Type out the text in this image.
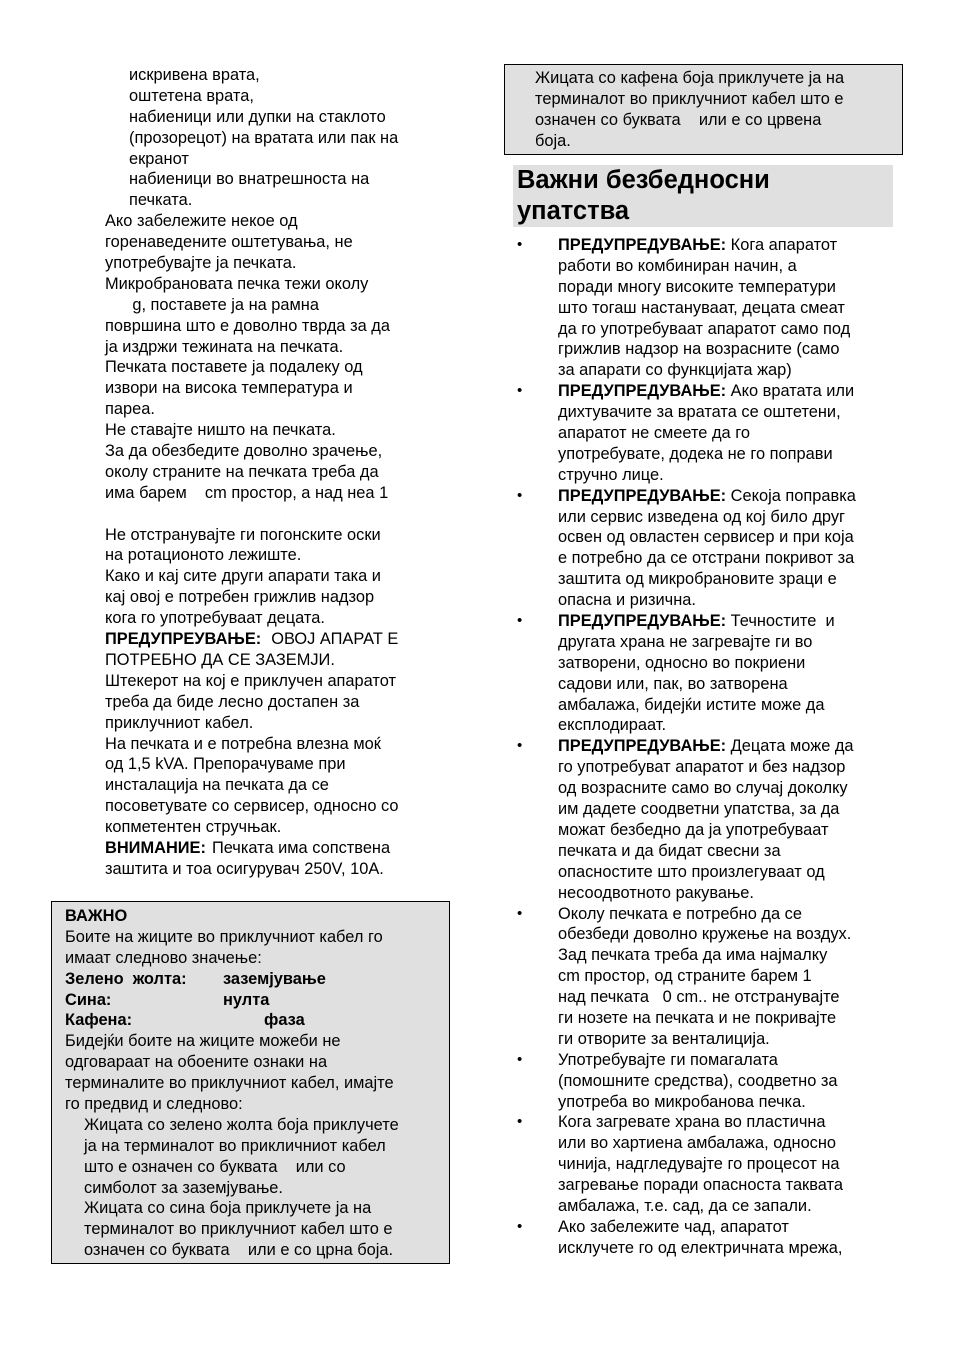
искривена врата,
оштетена врата,
набиеници или дупки на стаклото
(прозорецот) на вратата или пак на
екранот
набиеници во внатрешноста на
печката.
Ако забележите некое од
горенаведените оштетувања, не
употребувајте ја печката.
Микробрановата печка тежи околу
g, поставете ја на рамна
површина што е доволно тврда за да
ја издржи тежината на печката.
Печката поставете ја подалеку од
извори на висока температура и
пареа.
Не ставајте ништо на печката.
За да обезбедите доволно зрачење,
околу страните на печката треба да
има барем    cm простор, а над неа 1
Не отстранувајте ги погонските оски
на ротационото лежиште.
Како и кај сите други апарати така и
кај овој е потребен грижлив надзор
кога го употребуваат децата.
ПРЕДУПРЕУВАЊЕ: ОВОЈ АПАРАТ Е
ПОТРЕБНО ДА СЕ ЗАЗЕМЈИ.
Штекерот на кој е приклучен апаратот
треба да биде лесно достапен за
приклучниот кабел.
На печката и е потребна влезна моќ
од 1,5 kVA. Препорачуваме при
инсталација на печката да се
посоветувате со сервисер, односно со
копметентен стручњак.
ВНИМАНИЕ: Печката има сопствена
заштита и тоа осигурувач 250V, 10A.
ВАЖНО
Боите на жиците во приклучниот кабел го
имаат следново значење:
Зелено  жолта: заземјување
Сина:	нулта
Кафена:	фаза
Бидејќи боите на жиците можеби не
одговараат на обоените ознаки на
терминалите во приклучниот кабел, имајте
го предвид и следново:
Жицата со зелено жолта боја приклучете
ја на терминалот во прикличниот кабел
што е означен со буквата    или со
симболот за заземјување.
Жицата со сина боја приклучете ја на
терминалот во приклучниот кабел што е
означен со буквата    или е со црна боја.
Жицата со кафена боја приклучете ја на
терминалот во приклучниот кабел што е
означен со буквата    или е со црвена
боја.
Важни безбедносни
упатства
• ПРЕДУПРЕДУВАЊЕ: Кога апаратот
работи во комбиниран начин, а
поради многу високите температури
што тогаш настануваат, децата смеат
да го употребуваат апаратот само под
грижлив надзор на возрасните (само
за апарати со функцијата жар)
• ПРЕДУПРЕДУВАЊЕ: Ако вратата или
дихтувачите за вратата се оштетени,
апаратот не смеете да го
употребувате, додека не го поправи
стручно лице.
• ПРЕДУПРЕДУВАЊЕ: Секоја поправка
или сервис изведена од кој било друг
освен од овластен сервисер и при која
е потребно да се отстрани покривот за
заштита од микробрановите зраци е
опасна и ризична.
• ПРЕДУПРЕДУВАЊЕ: Течностите  и
другата храна не загревајте ги во
затворени, односно во покриени
садови или, пак, во затворена
амбалажа, бидејќи истите може да
експлодираат.
• ПРЕДУПРЕДУВАЊЕ: Децата може да
го употребуват апаратот и без надзор
од возрасните само во случај доколку
им дадете соодветни упатства, за да
можат безбедно да ја употребуваат
печката и да бидат свесни за
опасностите што произлегуваат од
несоодвотното ракување.
• Околу печката е потребно да се
обезбеди доволно кружење на воздух.
Зад печката треба да има најмалку
cm простор, од страните барем 1
над печката   0 cm.. не отстранувајте
ги нозете на печката и не покривајте
ги отворите за венталиција.
• Употребувајте ги помагалата
(помошните средства), соодветно за
употреба во микробанова печка.
• Кога загревате храна во пластична
или во хартиена амбалажа, односно
чинија, надгледувајте го процесот на
загревање поради опасноста таквата
амбалажа, т.е. сад, да се запали.
• Ако забележите чад, апаратот
исклучете го од електричната мрежа,
